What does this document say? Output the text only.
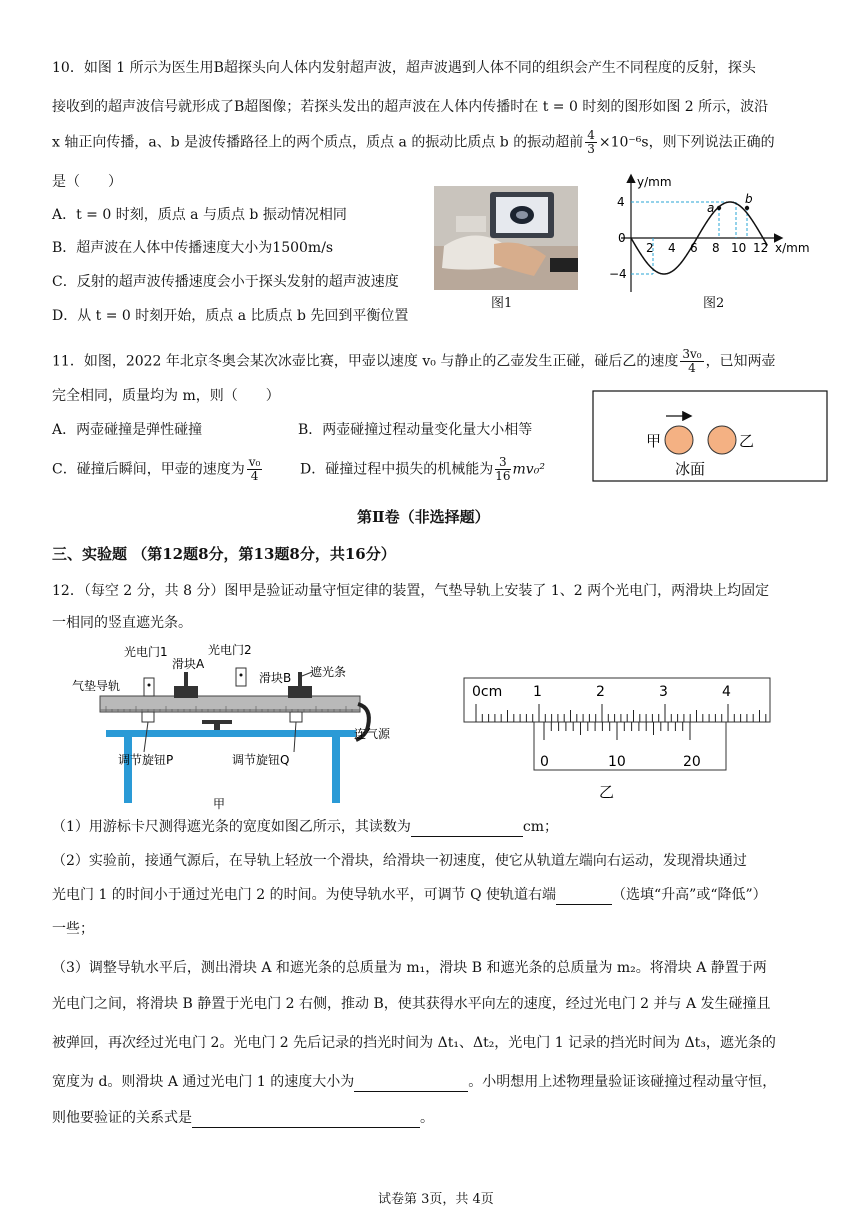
10．如图 1 所示为医生用B超探头向人体内发射超声波，超声波遇到人体不同的组织会产生不同程度的反射，探头
接收到的超声波信号就形成了B超图像；若探头发出的超声波在人体内传播时在 t = 0 时刻的图形如图 2 所示，波沿
x 轴正向传播，a、b 是波传播路径上的两个质点，质点 a 的振动比质点 b 的振动超前 $\frac{4}{3} \times 10^{-6}s$，则下列说法正确的
是（　　）
A．t = 0 时刻，质点 a 与质点 b 振动情况相同
B．超声波在人体中传播速度大小为1500m/s
C．反射的超声波传播速度会小于探头发射的超声波速度
D．从 t = 0 时刻开始，质点 a 比质点 b 先回到平衡位置
图1
a
b
y/mm
x/mm
4
−4
0
2 4 6 8 10 12
图2
11．如图，2022 年北京冬奥会某次冰壶比赛，甲壶以速度 v₀ 与静止的乙壶发生正碰，碰后乙的速度 $\frac{\text{3v₀}}{4}$ ，已知两壶
完全相同，质量均为 m，则（　　）
A．两壶碰撞是弹性碰撞	B．两壶碰撞过程动量变化量大小相等
C．碰撞后瞬间，甲壶的速度为 $\frac{\text{v₀}}{4}$	D．碰撞过程中损失的机械能为 $\frac{3}{16} mv_0^2$
甲	乙
冰面
第Ⅱ卷（非选择题）
三、实验题 （第12题8分，第13题8分，共16分）
12．（每空 2 分，共 8 分）图甲是验证动量守恒定律的装置，气垫导轨上安装了 1、2 两个光电门，两滑块上均固定
一相同的竖直遮光条。
光电门1	光电门2
滑块A
滑块B 遮光条
气垫导轨
连气源
调节旋钮P	调节旋钮Q
甲
0cm 1	2	3	4
0	10	20
乙
（1）用游标卡尺测得遮光条的宽度如图乙所示，其读数为	cm；
（2）实验前，接通气源后，在导轨上轻放一个滑块，给滑块一初速度，使它从轨道左端向右运动，发现滑块通过
光电门 1 的时间小于通过光电门 2 的时间。为使导轨水平，可调节 Q 使轨道右端	（选填“升高”或“降低”）
一些；
（3）调整导轨水平后，测出滑块 A 和遮光条的总质量为 m₁，滑块 B 和遮光条的总质量为 m₂。将滑块 A 静置于两
光电门之间，将滑块 B 静置于光电门 2 右侧，推动 B，使其获得水平向左的速度，经过光电门 2 并与 A 发生碰撞且
被弹回，再次经过光电门 2。光电门 2 先后记录的挡光时间为 Δt₁、Δt₂，光电门 1 记录的挡光时间为 Δt₃，遮光条的
宽度为 d。则滑块 A 通过光电门 1 的速度大小为	。小明想用上述物理量验证该碰撞过程动量守恒，
则他要验证的关系式是	。
试卷第 3页，共 4页
